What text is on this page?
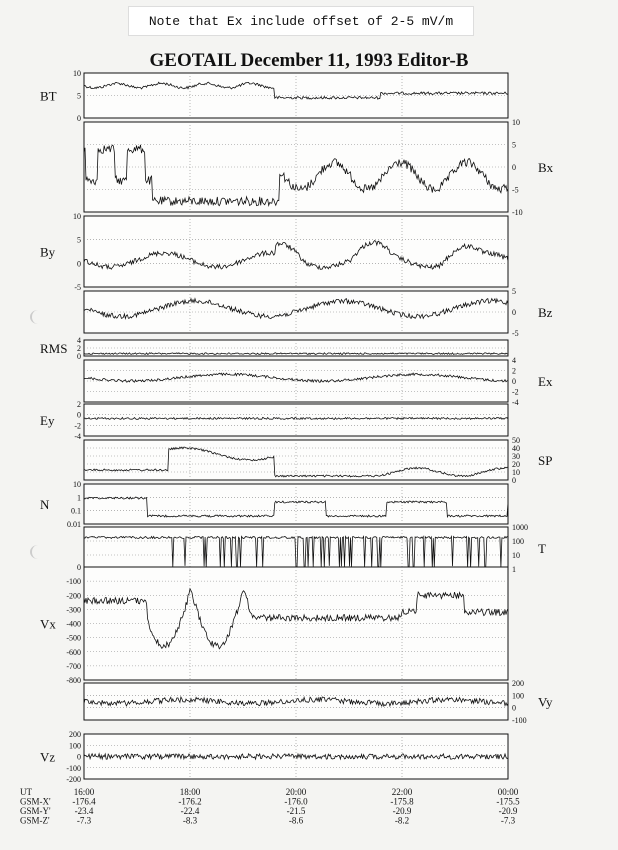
Note that Ex include offset of 2-5 mV/m
GEOTAIL December 11, 1993 Editor-B
10
5
0
BT
10
5
0
-5
-10
Bx
10
5
0
-5
By
5
0
-5
Bz
4
2
0
RMS
4
2
0
-2
-4
Ex
2
0
-2
-4
Ey
50
40
30
20
10
0
SP
10
1
0.1
0.01
N
1000
100
10
1
T
0
-100
-200
-300
-400
-500
-600
-700
-800
Vx
200
100
0
-100
Vy
200
100
0
-100
-200
Vz
UT
GSM-X'
GSM-Y'
GSM-Z'
16:00
-176.4
-23.4
-7.3
18:00
-176.2
-22.4
-8.3
20:00
-176.0
-21.5
-8.6
22:00
-175.8
-20.9
-8.2
00:00
-175.5
-20.9
-7.3
